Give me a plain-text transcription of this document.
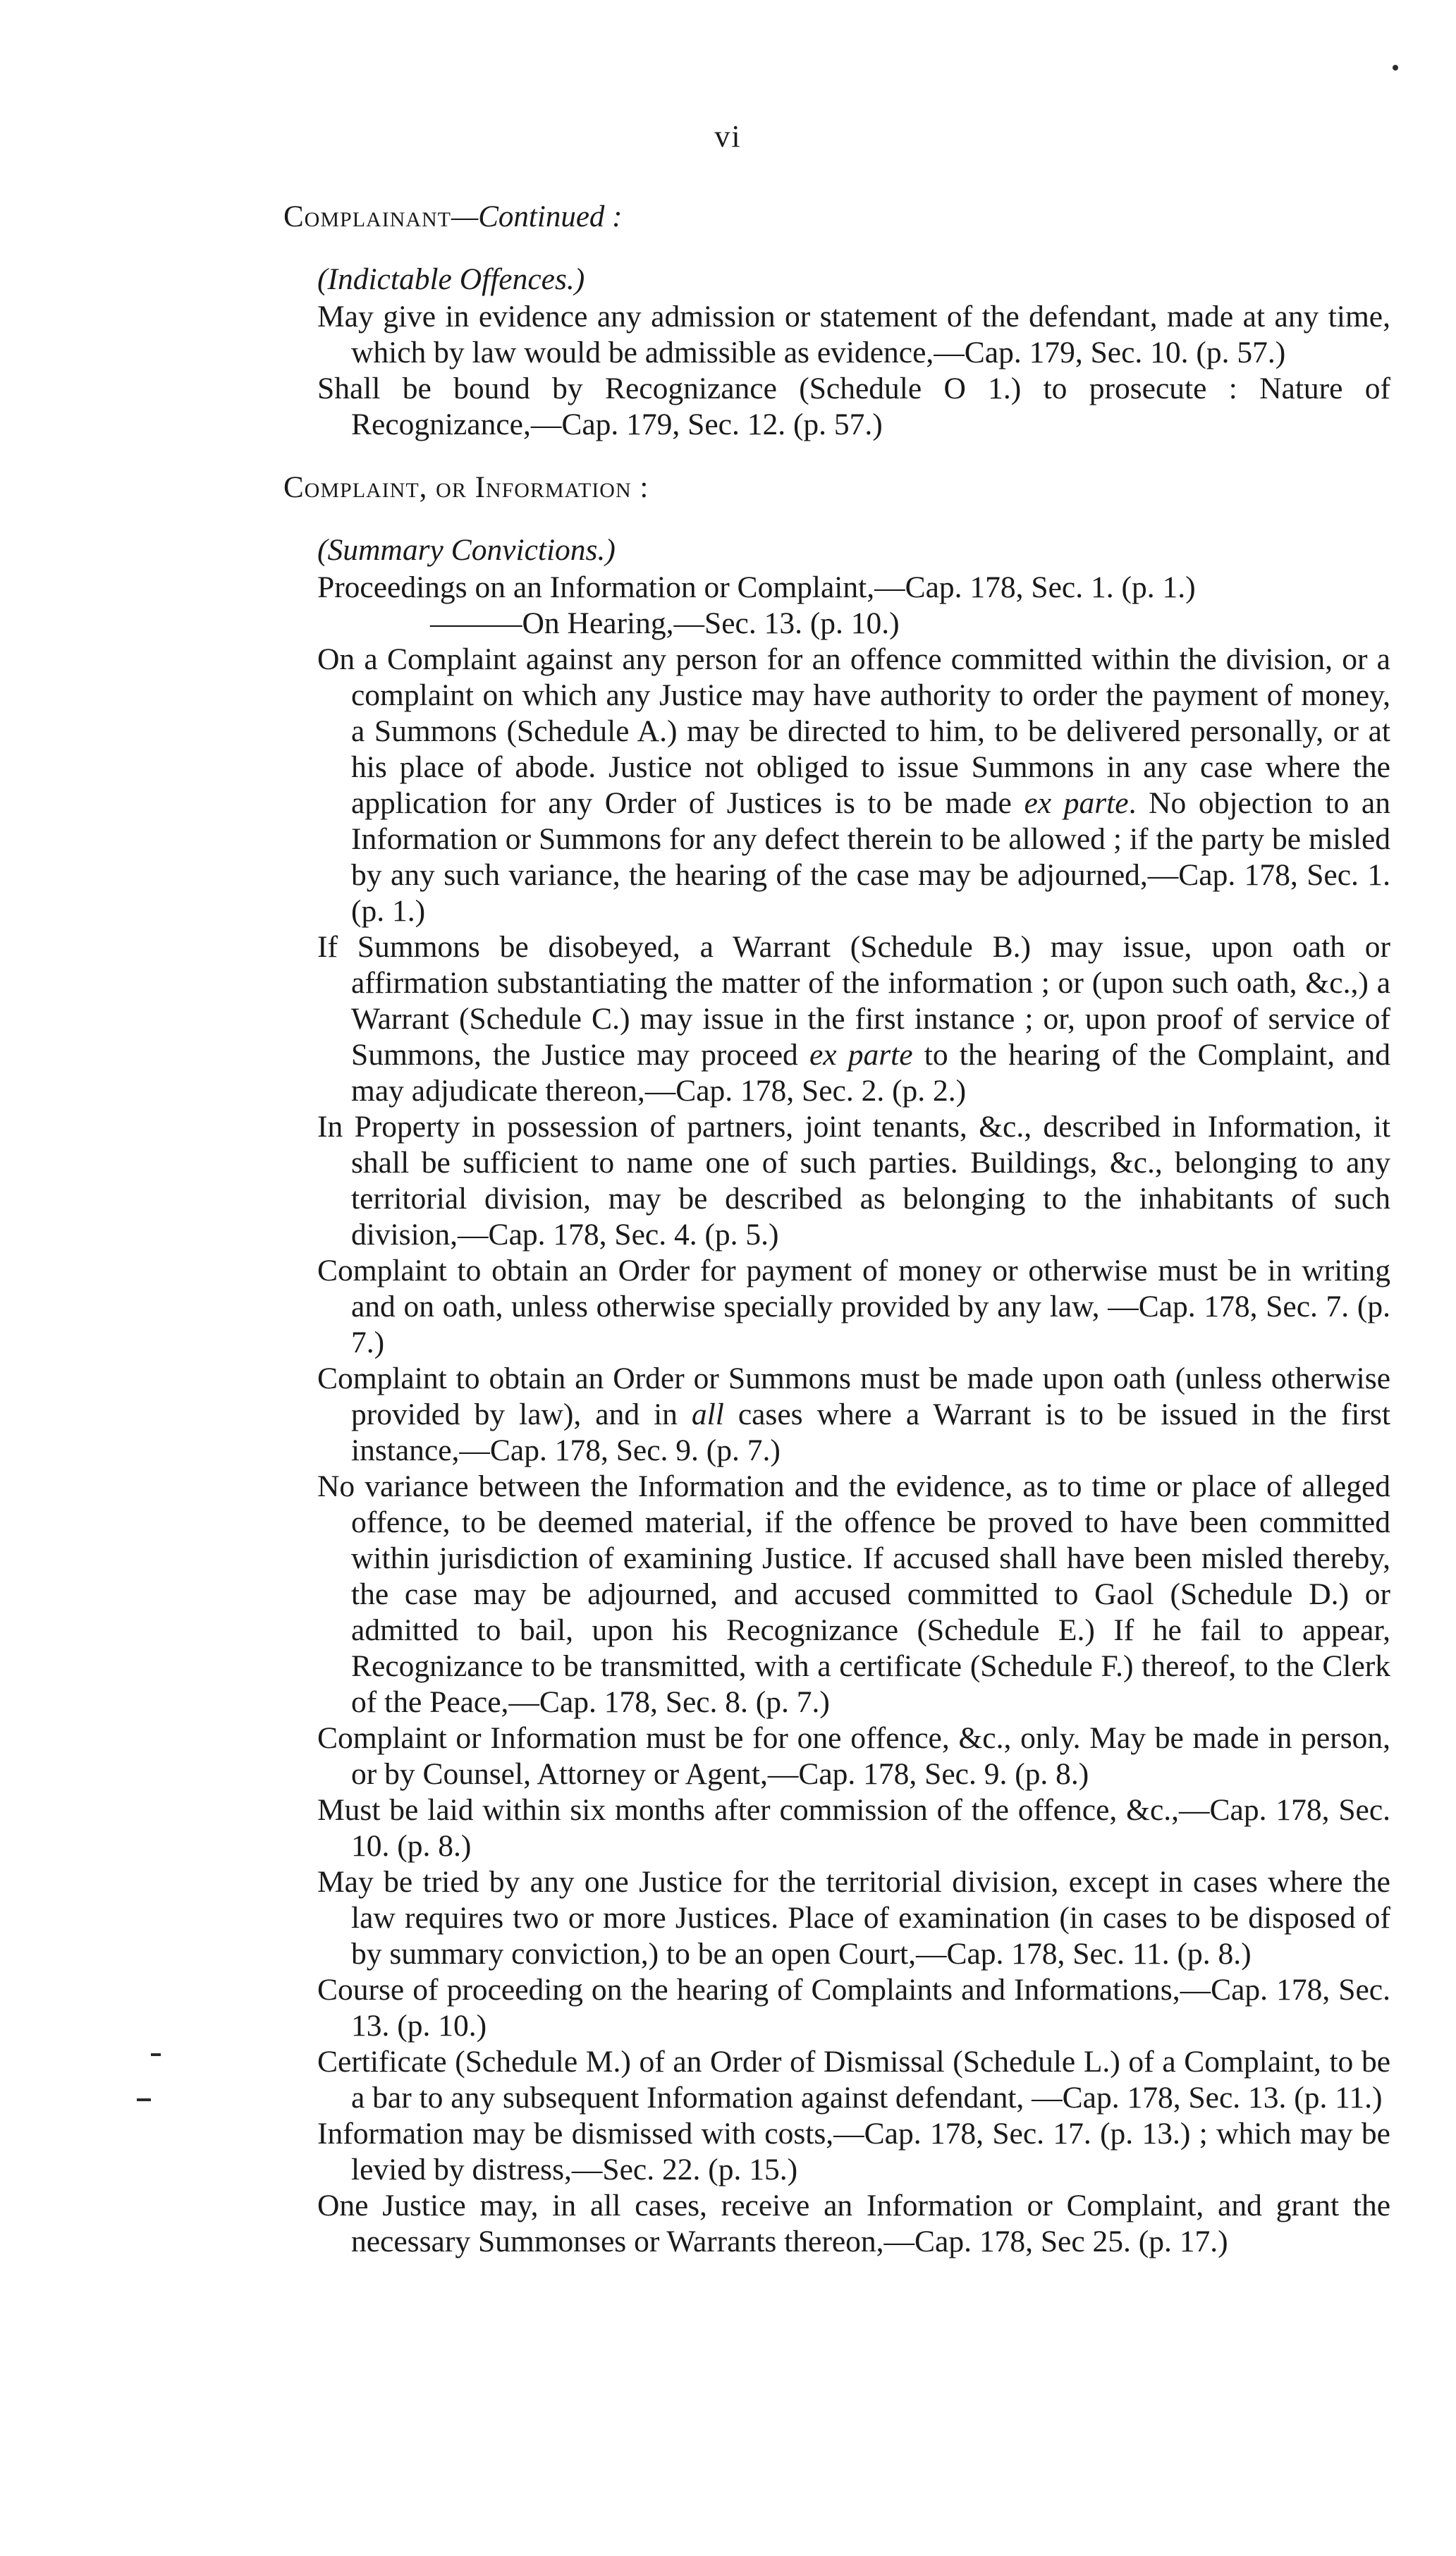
vi

Complainant—Continued :

(Indictable Offences.)

May give in evidence any admission or statement of the defendant, made at any time, which by law would be admissible as evidence,—Cap. 179, Sec. 10. (p. 57.)

Shall be bound by Recognizance (Schedule O 1.) to prosecute : Nature of Recognizance,—Cap. 179, Sec. 12. (p. 57.)

Complaint, or Information :

(Summary Convictions.)

Proceedings on an Information or Complaint,—Cap. 178, Sec. 1. (p. 1.)

———On Hearing,—Sec. 13. (p. 10.)

On a Complaint against any person for an offence committed within the division, or a complaint on which any Justice may have authority to order the payment of money, a Summons (Schedule A.) may be directed to him, to be delivered personally, or at his place of abode. Justice not obliged to issue Summons in any case where the application for any Order of Justices is to be made ex parte. No objection to an Information or Summons for any defect therein to be allowed ; if the party be misled by any such variance, the hearing of the case may be adjourned,—Cap. 178, Sec. 1. (p. 1.)

If Summons be disobeyed, a Warrant (Schedule B.) may issue, upon oath or affirmation substantiating the matter of the information ; or (upon such oath, &c.,) a Warrant (Schedule C.) may issue in the first instance ; or, upon proof of service of Summons, the Justice may proceed ex parte to the hearing of the Complaint, and may adjudicate thereon,—Cap. 178, Sec. 2. (p. 2.)

In Property in possession of partners, joint tenants, &c., described in Information, it shall be sufficient to name one of such parties. Buildings, &c., belonging to any territorial division, may be described as belonging to the inhabitants of such division,—Cap. 178, Sec. 4. (p. 5.)

Complaint to obtain an Order for payment of money or otherwise must be in writing and on oath, unless otherwise specially provided by any law, —Cap. 178, Sec. 7. (p. 7.)

Complaint to obtain an Order or Summons must be made upon oath (unless otherwise provided by law), and in all cases where a Warrant is to be issued in the first instance,—Cap. 178, Sec. 9. (p. 7.)

No variance between the Information and the evidence, as to time or place of alleged offence, to be deemed material, if the offence be proved to have been committed within jurisdiction of examining Justice. If accused shall have been misled thereby, the case may be adjourned, and accused committed to Gaol (Schedule D.) or admitted to bail, upon his Recognizance (Schedule E.) If he fail to appear, Recognizance to be transmitted, with a certificate (Schedule F.) thereof, to the Clerk of the Peace,—Cap. 178, Sec. 8. (p. 7.)

Complaint or Information must be for one offence, &c., only. May be made in person, or by Counsel, Attorney or Agent,—Cap. 178, Sec. 9. (p. 8.)

Must be laid within six months after commission of the offence, &c.,—Cap. 178, Sec. 10. (p. 8.)

May be tried by any one Justice for the territorial division, except in cases where the law requires two or more Justices. Place of examination (in cases to be disposed of by summary conviction,) to be an open Court,—Cap. 178, Sec. 11. (p. 8.)

Course of proceeding on the hearing of Complaints and Informations,—Cap. 178, Sec. 13. (p. 10.)

Certificate (Schedule M.) of an Order of Dismissal (Schedule L.) of a Complaint, to be a bar to any subsequent Information against defendant, —Cap. 178, Sec. 13. (p. 11.)

Information may be dismissed with costs,—Cap. 178, Sec. 17. (p. 13.) ; which may be levied by distress,—Sec. 22. (p. 15.)

One Justice may, in all cases, receive an Information or Complaint, and grant the necessary Summonses or Warrants thereon,—Cap. 178, Sec 25. (p. 17.)
